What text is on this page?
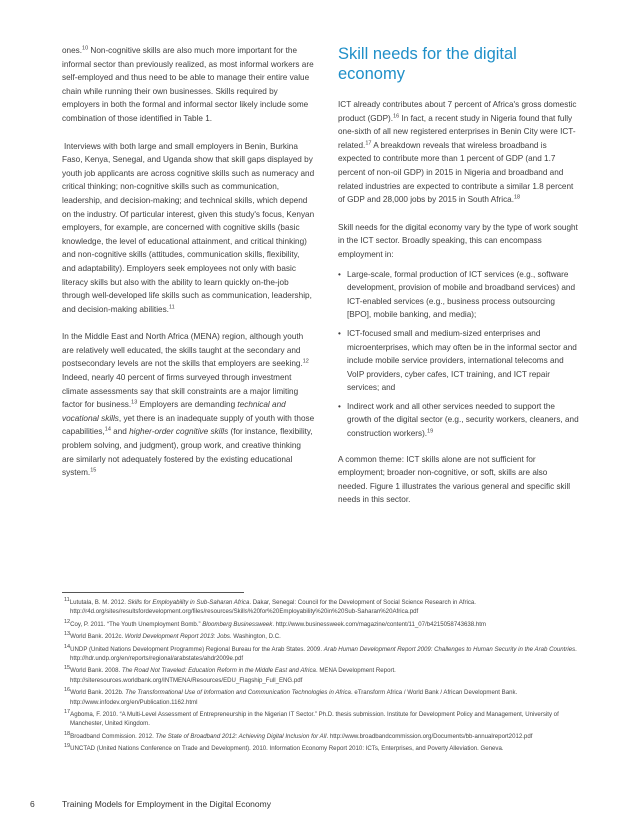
ones.$^{10}$ Non-cognitive skills are also much more important for the informal sector than previously realized, as most informal workers are self-employed and thus need to be able to manage their entire value chain while running their own businesses. Skills required by employers in both the formal and informal sector likely include some combination of those identified in Table 1.

Interviews with both large and small employers in Benin, Burkina Faso, Kenya, Senegal, and Uganda show that skill gaps displayed by youth job applicants are across cognitive skills such as numeracy and critical thinking; non-cognitive skills such as communication, leadership, and decision-making; and technical skills, which depend on the industry. Of particular interest, given this study's focus, Kenyan employers, for example, are concerned with cognitive skills (basic knowledge, the level of educational attainment, and critical thinking) and non-cognitive skills (attitudes, communication skills, flexibility, and adaptability). Employers seek employees not only with basic literacy skills but also with the ability to learn quickly on-the-job through well-developed life skills such as communication, leadership, and decision-making abilities.$^{11}$

In the Middle East and North Africa (MENA) region, although youth are relatively well educated, the skills taught at the secondary and postsecondary levels are not the skills that employers are seeking.$^{12}$ Indeed, nearly 40 percent of firms surveyed through investment climate assessments say that skill constraints are a major limiting factor for business.$^{13}$ Employers are demanding technical and vocational skills, yet there is an inadequate supply of youth with those capabilities,$^{14}$ and higher-order cognitive skills (for instance, flexibility, problem solving, and judgment), group work, and creative thinking are similarly not adequately fostered by the existing educational system.$^{15}$

Skill needs for the digital economy

ICT already contributes about 7 percent of Africa's gross domestic product (GDP).$^{16}$ In fact, a recent study in Nigeria found that fully one-sixth of all new registered enterprises in Benin City were ICT-related.$^{17}$ A breakdown reveals that wireless broadband is expected to contribute more than 1 percent of GDP (and 1.7 percent of non-oil GDP) in 2015 in Nigeria and broadband and related industries are expected to contribute a similar 1.8 percent of GDP and 28,000 jobs by 2015 in South Africa.$^{18}$

Skill needs for the digital economy vary by the type of work sought in the ICT sector. Broadly speaking, this can encompass employment in:

• Large-scale, formal production of ICT services (e.g., software development, provision of mobile and broadband services) and ICT-enabled services (e.g., business process outsourcing [BPO], mobile banking, and media);
• ICT-focused small and medium-sized enterprises and microenterprises, which may often be in the informal sector and include mobile service providers, international telecoms and VoIP providers, cyber cafes, ICT training, and ICT repair services; and
• Indirect work and all other services needed to support the growth of the digital sector (e.g., security workers, cleaners, and construction workers).$^{19}$

A common theme: ICT skills alone are not sufficient for employment; broader non-cognitive, or soft, skills are also needed. Figure 1 illustrates the various general and specific skill needs in this sector.

$^{11}$Lututala, B. M. 2012. Skills for Employability in Sub-Saharan Africa. Dakar, Senegal: Council for the Development of Social Science Research in Africa. http://r4d.org/sites/resultsfordevelopment.org/files/resources/Skills%20for%20Employability%20in%20Sub-Saharan%20Africa.pdf

$^{12}$Coy, P. 2011. “The Youth Unemployment Bomb.” Bloomberg Businessweek. http://www.businessweek.com/magazine/content/11_07/b4215058743638.htm

$^{13}$World Bank. 2012c. World Development Report 2013: Jobs. Washington, D.C.

$^{14}$UNDP (United Nations Development Programme) Regional Bureau for the Arab States. 2009. Arab Human Development Report 2009: Challenges to Human Security in the Arab Countries. http://hdr.undp.org/en/reports/regional/arabstates/ahdr2009e.pdf

$^{15}$World Bank. 2008. The Road Not Traveled: Education Reform in the Middle East and Africa. MENA Development Report. http://siteresources.worldbank.org/INTMENA/Resources/EDU_Flagship_Full_ENG.pdf

$^{16}$World Bank. 2012b. The Transformational Use of Information and Communication Technologies in Africa. eTransform Africa / World Bank / African Development Bank. http://www.infodev.org/en/Publication.1162.html

$^{17}$Agboma, F. 2010. “A Multi-Level Assessment of Entrepreneurship in the Nigerian IT Sector.” Ph.D. thesis submission. Institute for Development Policy and Management, University of Manchester, United Kingdom.

$^{18}$Broadband Commission. 2012. The State of Broadband 2012: Achieving Digital Inclusion for All. http://www.broadbandcommission.org/Documents/bb-annualreport2012.pdf

$^{19}$UNCTAD (United Nations Conference on Trade and Development). 2010. Information Economy Report 2010: ICTs, Enterprises, and Poverty Alleviation. Geneva.

6	Training Models for Employment in the Digital Economy
